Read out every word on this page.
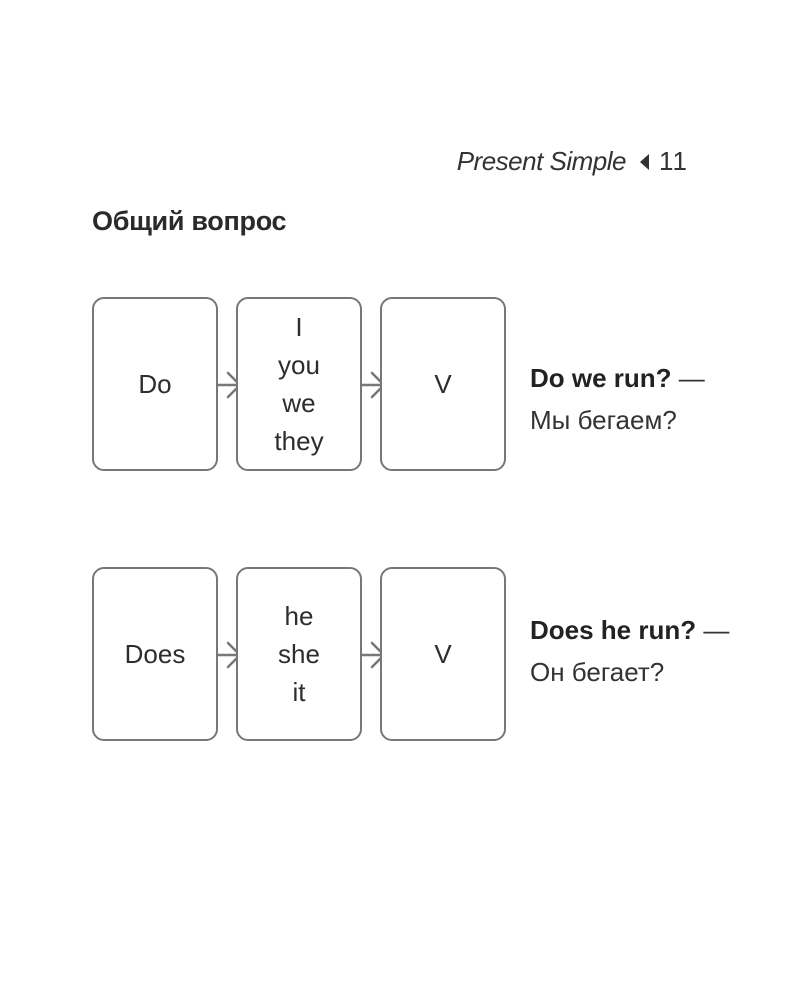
Present Simple 11
Общий вопрос
Do
I
you
we
they
V	Do we run? — Мы бегаем?
Does
he
she
it
V
Does he run? — Он бегает?
